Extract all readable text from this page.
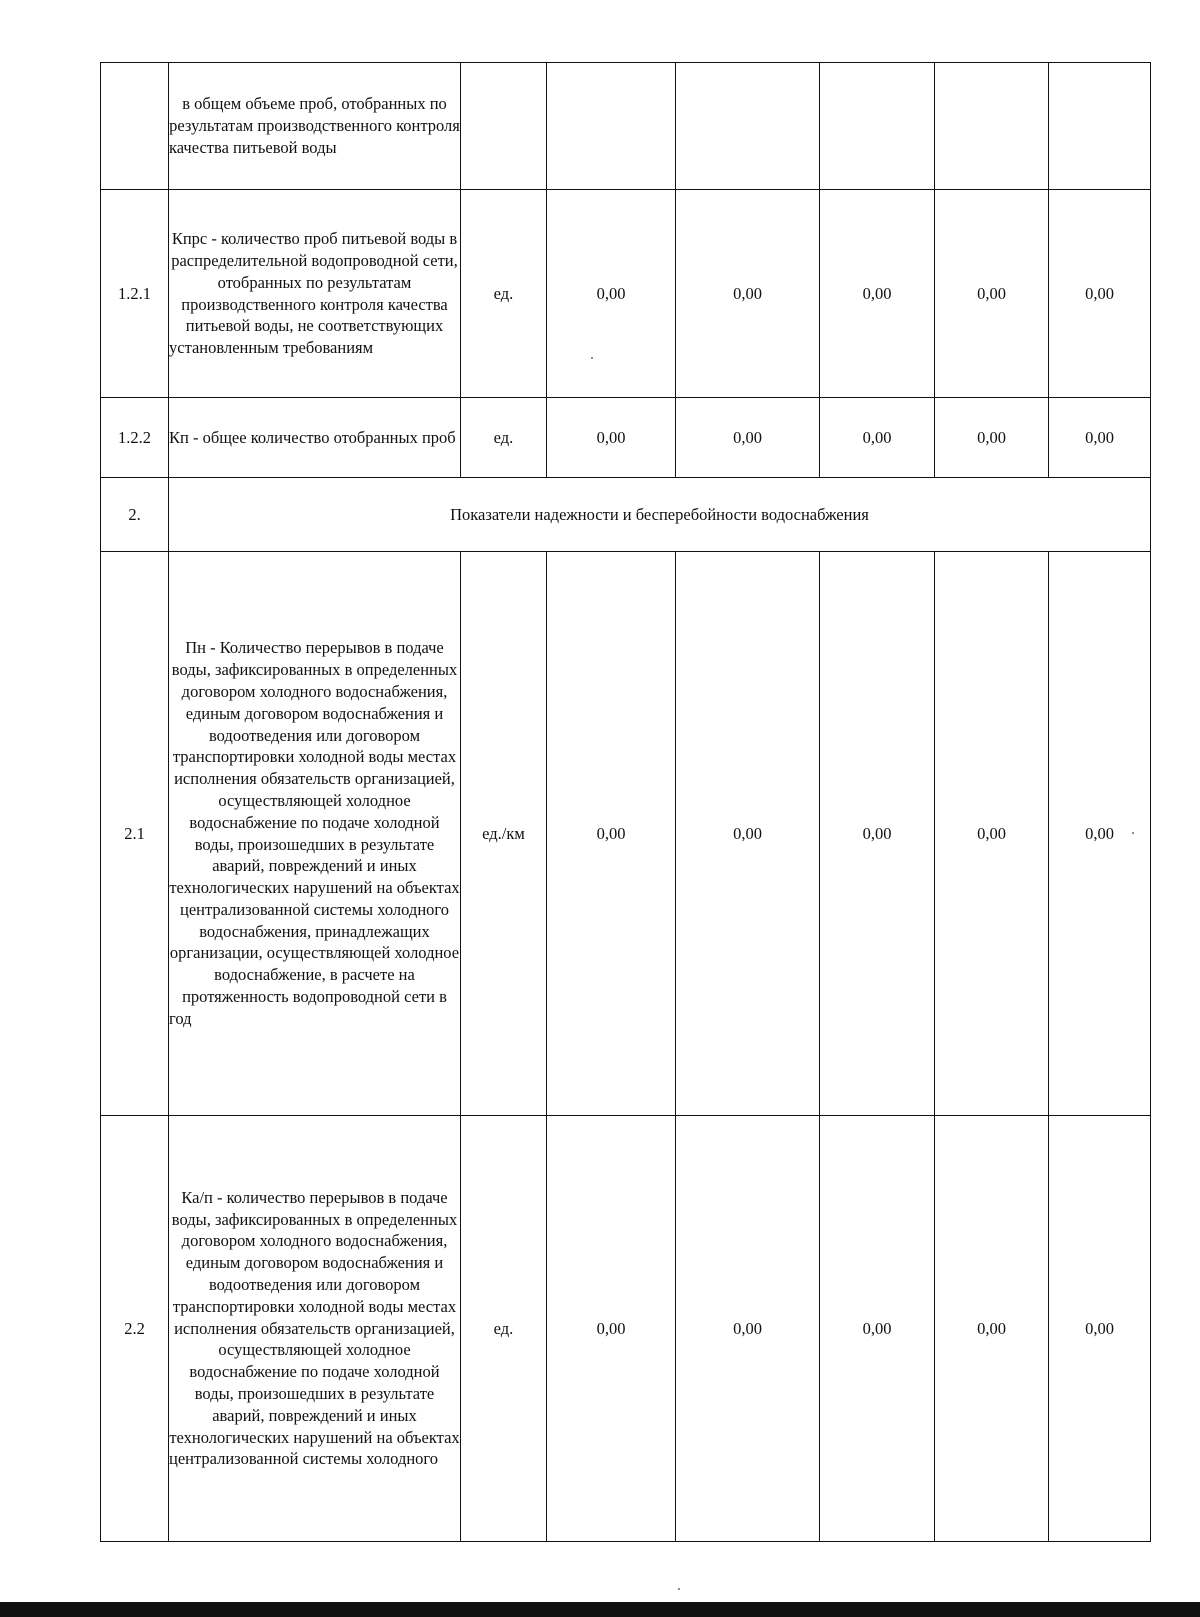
	в общем объеме проб, отобранных по результатам производственного контроля качества питьевой воды						
1.2.1	Кпрс - количество проб питьевой воды в распределительной водопроводной сети, отобранных по результатам производственного контроля качества питьевой воды, не соответствующих установленным требованиям	ед.	0,00	0,00	0,00	0,00	0,00
1.2.2	Кп - общее количество отобранных проб	ед.	0,00	0,00	0,00	0,00	0,00
2.	Показатели надежности и бесперебойности водоснабжения						
2.1	Пн - Количество перерывов в подаче воды, зафиксированных в определенных договором холодного водоснабжения, единым договором водоснабжения и водоотведения или договором транспортировки холодной воды местах исполнения обязательств организацией, осуществляющей холодное водоснабжение по подаче холодной воды, произошедших в результате аварий, повреждений и иных технологических нарушений на объектах централизованной системы холодного водоснабжения, принадлежащих организации, осуществляющей холодное водоснабжение, в расчете на протяженность водопроводной сети в год	ед./км	0,00	0,00	0,00	0,00	0,00
2.2	Ка/п - количество перерывов в подаче воды, зафиксированных в определенных договором холодного водоснабжения, единым договором водоснабжения и водоотведения или договором транспортировки холодной воды местах исполнения обязательств организацией, осуществляющей холодное водоснабжение по подаче холодной воды, произошедших в результате аварий, повреждений и иных технологических нарушений на объектах централизованной системы холодного	ед.	0,00	0,00	0,00	0,00	0,00
